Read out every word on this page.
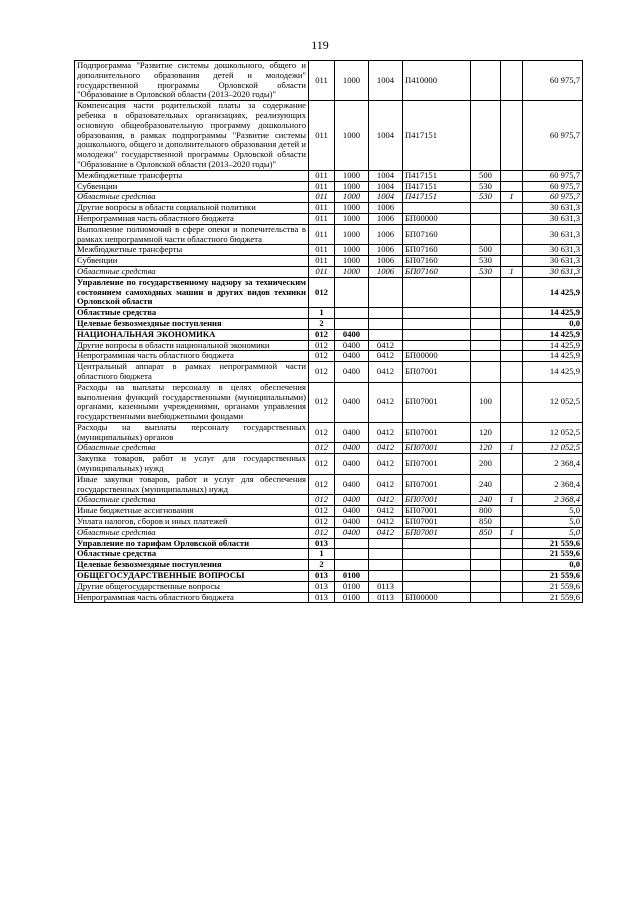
119
Подпрограмма "Развитие системы дошкольного, общего и дополнительного образования детей и молодежи" государственной программы Орловской области "Образование в Орловской области (2013–2020 годы)"	011	1000	1004	П410000			60 975,7
Компенсация части родительской платы за содержание ребенка в образовательных организациях, реализующих основную общеобразовательную программу дошкольного образования, в рамках подпрограммы "Развитие системы дошкольного, общего и дополнительного образования детей и молодежи" государственной программы Орловской области "Образование в Орловской области (2013–2020 годы)"	011	1000	1004	П417151			60 975,7
Межбюджетные трансферты	011	1000	1004	П417151	500		60 975,7
Субвенции	011	1000	1004	П417151	530		60 975,7
Областные средства	011	1000	1004	П417151	530	1	60 975,7
Другие вопросы в области социальной политики	011	1000	1006				30 631,3
Непрограммная часть областного бюджета	011	1000	1006	БП00000			30 631,3
Выполнение полномочий в сфере опеки и попечительства в рамках непрограммной части областного бюджета	011	1000	1006	БП07160			30 631,3
Межбюджетные трансферты	011	1000	1006	БП07160	500		30 631,3
Субвенции	011	1000	1006	БП07160	530		30 631,3
Областные средства	011	1000	1006	БП07160	530	1	30 631,3
Управление по государственному надзору за техническим состоянием самоходных машин и других видов техники Орловской области	012						14 425,9
Областные средства	1						14 425,9
Целевые безвозмездные поступления	2						0,0
НАЦИОНАЛЬНАЯ ЭКОНОМИКА	012	0400					14 425,9
Другие вопросы в области национальной экономики	012	0400	0412				14 425,9
Непрограммная часть областного бюджета	012	0400	0412	БП00000			14 425,9
Центральный аппарат в рамках непрограммной части областного бюджета	012	0400	0412	БП07001			14 425,9
Расходы на выплаты персоналу в целях обеспечения выполнения функций государственными (муниципальными) органами, казенными учреждениями, органами управления государственными внебюджетными фондами	012	0400	0412	БП07001	100		12 052,5
Расходы на выплаты персоналу государственных (муниципальных) органов	012	0400	0412	БП07001	120		12 052,5
Областные средства	012	0400	0412	БП07001	120	1	12 052,5
Закупка товаров, работ и услуг для государственных (муниципальных) нужд	012	0400	0412	БП07001	200		2 368,4
Иные закупки товаров, работ и услуг для обеспечения государственных (муниципальных) нужд	012	0400	0412	БП07001	240		2 368,4
Областные средства	012	0400	0412	БП07001	240	1	2 368,4
Иные бюджетные ассигнования	012	0400	0412	БП07001	800		5,0
Уплата налогов, сборов и иных платежей	012	0400	0412	БП07001	850		5,0
Областные средства	012	0400	0412	БП07001	850	1	5,0
Управление по тарифам Орловской области	013						21 559,6
Областные средства	1						21 559,6
Целевые безвозмездные поступления	2						0,0
ОБЩЕГОСУДАРСТВЕННЫЕ ВОПРОСЫ	013	0100					21 559,6
Другие общегосударственные вопросы	013	0100	0113				21 559,6
Непрограммная часть областного бюджета	013	0100	0113	БП00000			21 559,6
